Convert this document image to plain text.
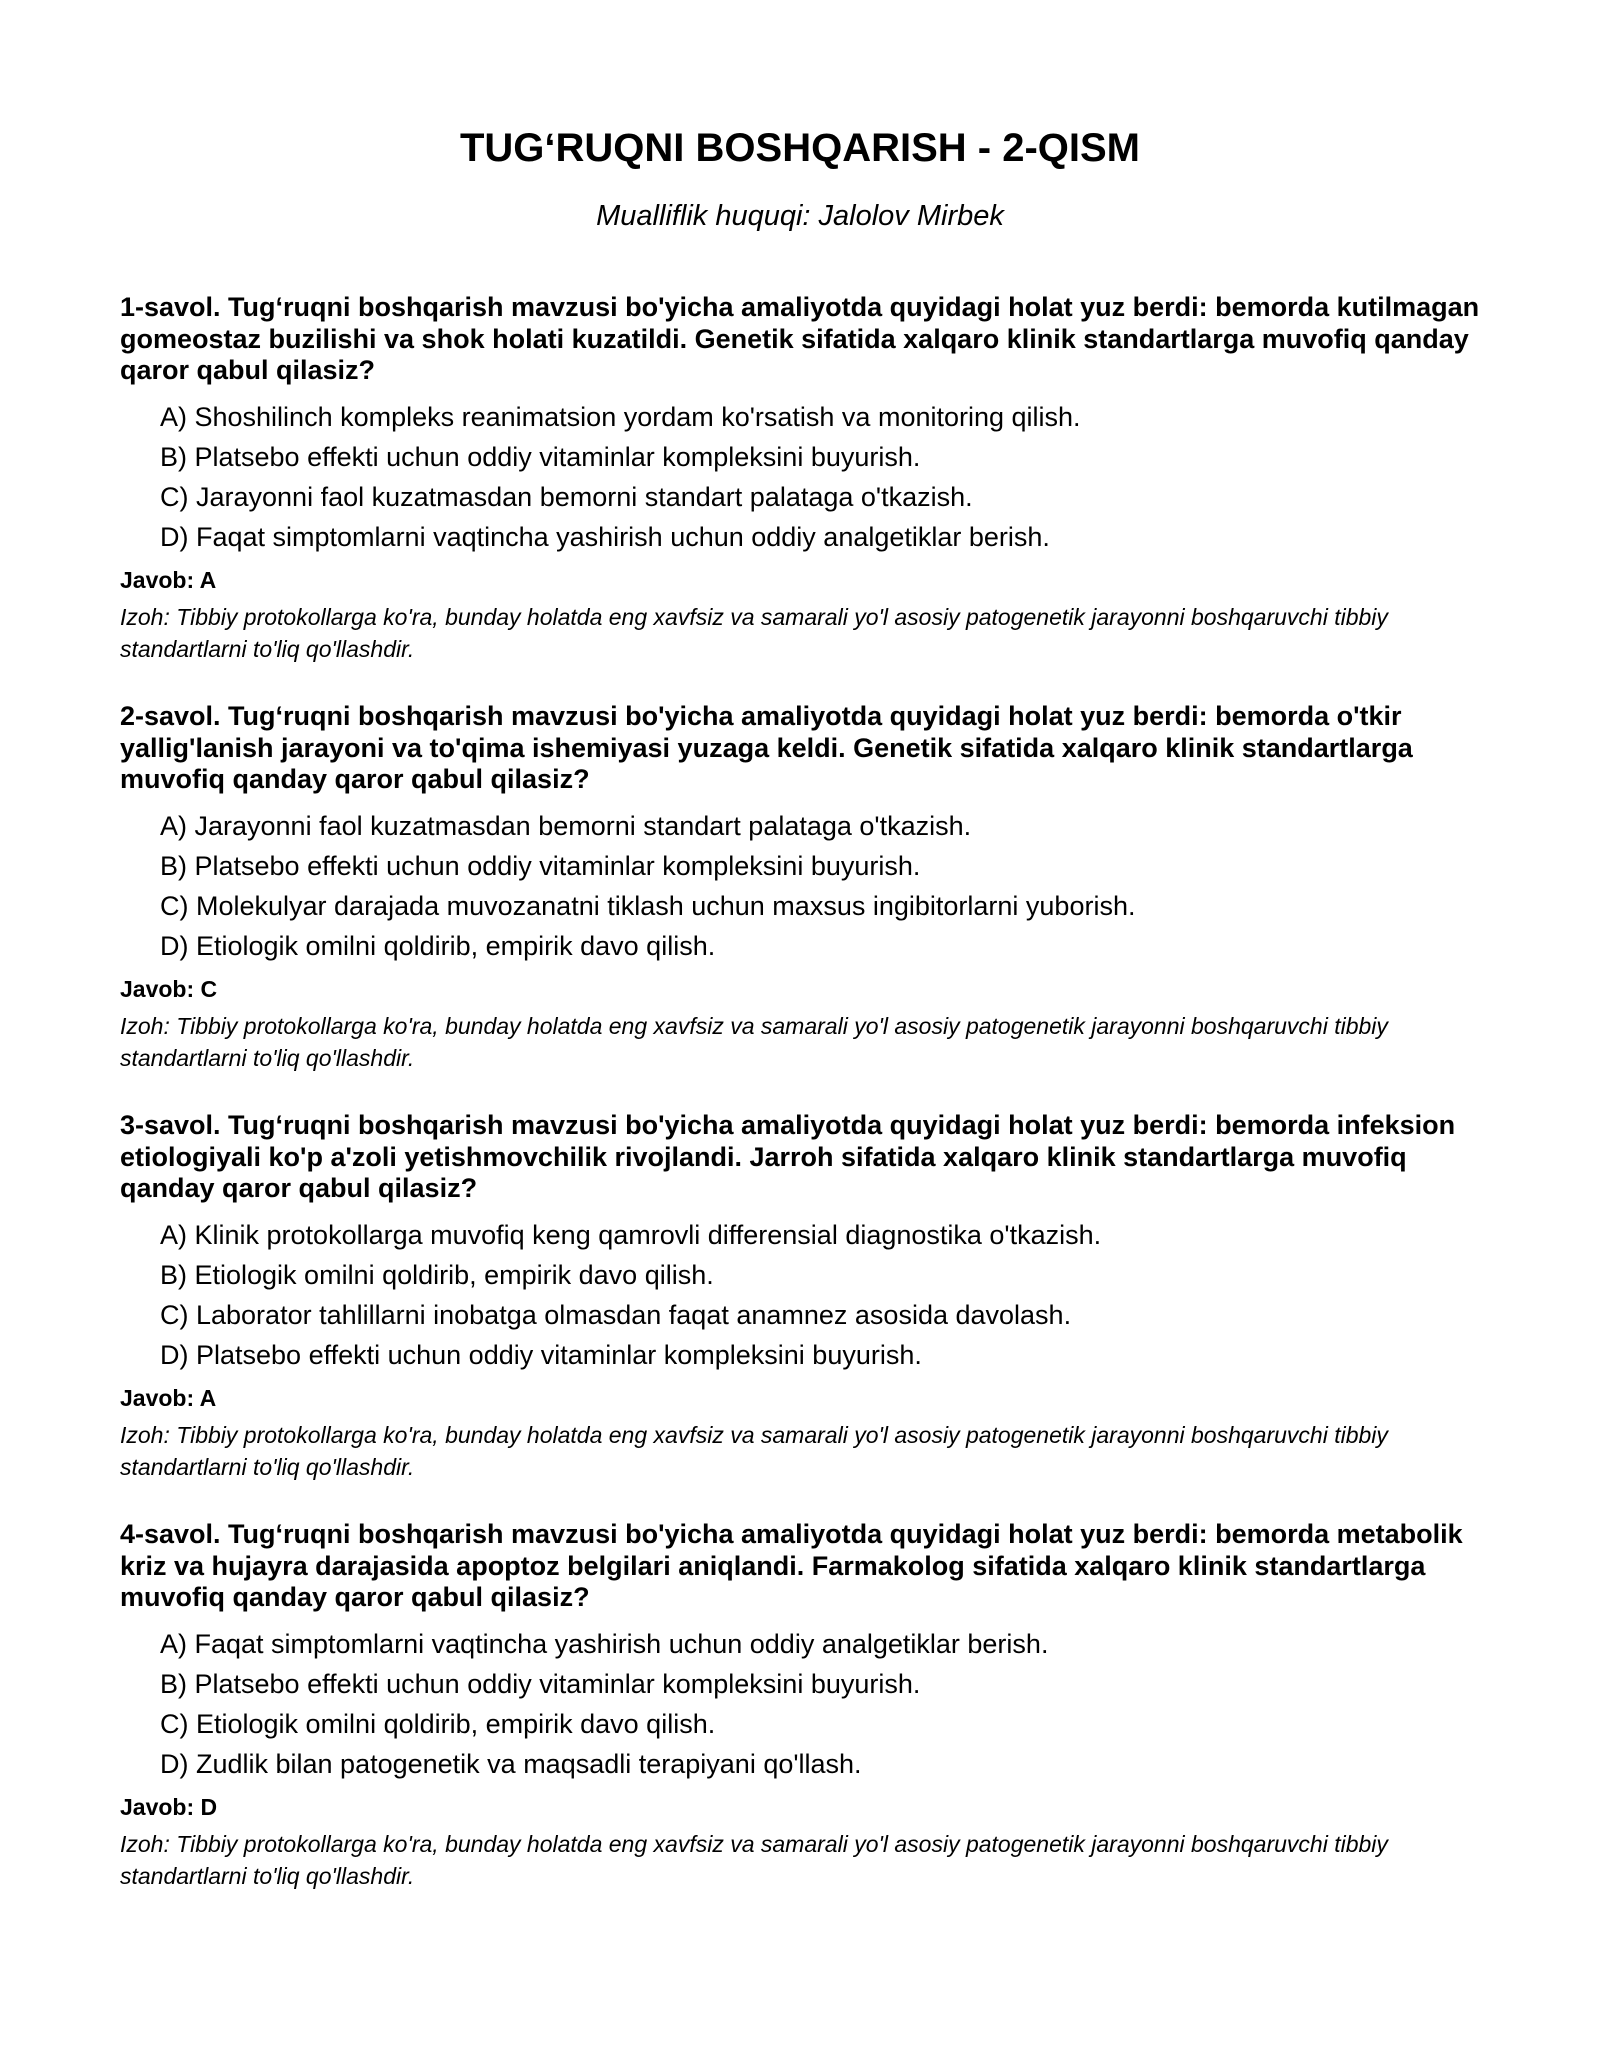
TUG‘RUQNI BOSHQARISH - 2-QISM

Mualliflik huquqi: Jalolov Mirbek

1-savol. Tug‘ruqni boshqarish mavzusi bo'yicha amaliyotda quyidagi holat yuz berdi: bemorda kutilmagan gomeostaz buzilishi va shok holati kuzatildi. Genetik sifatida xalqaro klinik standartlarga muvofiq qanday qaror qabul qilasiz?

A) Shoshilinch kompleks reanimatsion yordam ko'rsatish va monitoring qilish.
B) Platsebo effekti uchun oddiy vitaminlar kompleksini buyurish.
C) Jarayonni faol kuzatmasdan bemorni standart palataga o'tkazish.
D) Faqat simptomlarni vaqtincha yashirish uchun oddiy analgetiklar berish.

Javob: A

Izoh: Tibbiy protokollarga ko'ra, bunday holatda eng xavfsiz va samarali yo'l asosiy patogenetik jarayonni boshqaruvchi tibbiy standartlarni to'liq qo'llashdir.

2-savol. Tug‘ruqni boshqarish mavzusi bo'yicha amaliyotda quyidagi holat yuz berdi: bemorda o'tkir yallig'lanish jarayoni va to'qima ishemiyasi yuzaga keldi. Genetik sifatida xalqaro klinik standartlarga muvofiq qanday qaror qabul qilasiz?

A) Jarayonni faol kuzatmasdan bemorni standart palataga o'tkazish.
B) Platsebo effekti uchun oddiy vitaminlar kompleksini buyurish.
C) Molekulyar darajada muvozanatni tiklash uchun maxsus ingibitorlarni yuborish.
D) Etiologik omilni qoldirib, empirik davo qilish.

Javob: C

Izoh: Tibbiy protokollarga ko'ra, bunday holatda eng xavfsiz va samarali yo'l asosiy patogenetik jarayonni boshqaruvchi tibbiy standartlarni to'liq qo'llashdir.

3-savol. Tug‘ruqni boshqarish mavzusi bo'yicha amaliyotda quyidagi holat yuz berdi: bemorda infeksion etiologiyali ko'p a'zoli yetishmovchilik rivojlandi. Jarroh sifatida xalqaro klinik standartlarga muvofiq qanday qaror qabul qilasiz?

A) Klinik protokollarga muvofiq keng qamrovli differensial diagnostika o'tkazish.
B) Etiologik omilni qoldirib, empirik davo qilish.
C) Laborator tahlillarni inobatga olmasdan faqat anamnez asosida davolash.
D) Platsebo effekti uchun oddiy vitaminlar kompleksini buyurish.

Javob: A

Izoh: Tibbiy protokollarga ko'ra, bunday holatda eng xavfsiz va samarali yo'l asosiy patogenetik jarayonni boshqaruvchi tibbiy standartlarni to'liq qo'llashdir.

4-savol. Tug‘ruqni boshqarish mavzusi bo'yicha amaliyotda quyidagi holat yuz berdi: bemorda metabolik kriz va hujayra darajasida apoptoz belgilari aniqlandi. Farmakolog sifatida xalqaro klinik standartlarga muvofiq qanday qaror qabul qilasiz?

A) Faqat simptomlarni vaqtincha yashirish uchun oddiy analgetiklar berish.
B) Platsebo effekti uchun oddiy vitaminlar kompleksini buyurish.
C) Etiologik omilni qoldirib, empirik davo qilish.
D) Zudlik bilan patogenetik va maqsadli terapiyani qo'llash.

Javob: D

Izoh: Tibbiy protokollarga ko'ra, bunday holatda eng xavfsiz va samarali yo'l asosiy patogenetik jarayonni boshqaruvchi tibbiy standartlarni to'liq qo'llashdir.
